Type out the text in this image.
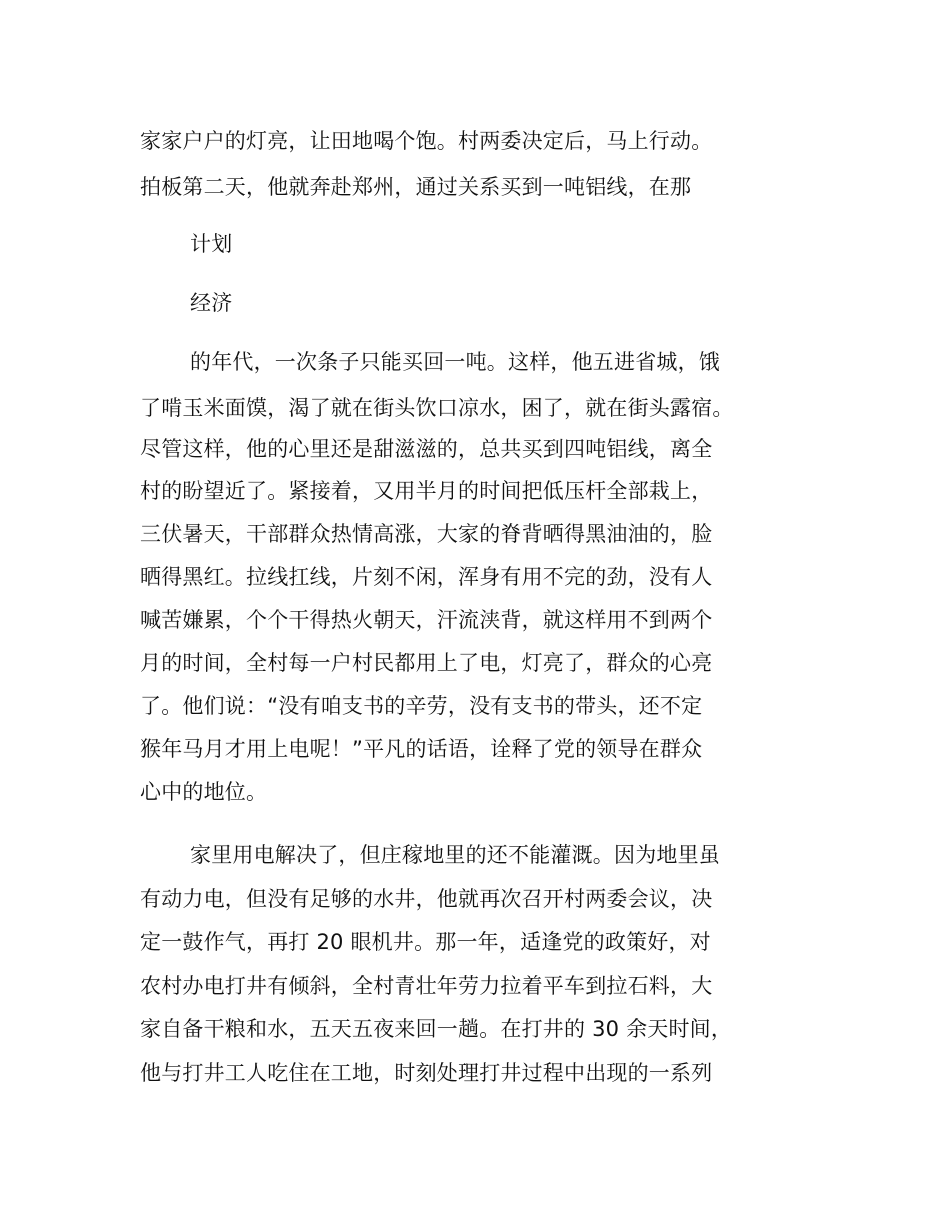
家家户户的灯亮，让田地喝个饱。村两委决定后，马上行动。
拍板第二天，他就奔赴郑州，通过关系买到一吨铝线，在那
计划
经济
的年代，一次条子只能买回一吨。这样，他五进省城，饿
了啃玉米面馍，渴了就在街头饮口凉水，困了，就在街头露宿。
尽管这样，他的心里还是甜滋滋的，总共买到四吨铝线，离全
村的盼望近了。紧接着，又用半月的时间把低压杆全部栽上，
三伏暑天，干部群众热情高涨，大家的脊背晒得黑油油的，脸
晒得黑红。拉线扛线，片刻不闲，浑身有用不完的劲，没有人
喊苦嫌累，个个干得热火朝天，汗流浃背，就这样用不到两个
月的时间，全村每一户村民都用上了电，灯亮了，群众的心亮
了。他们说：“没有咱支书的辛劳，没有支书的带头，还不定
猴年马月才用上电呢！”平凡的话语，诠释了党的领导在群众
心中的地位。
家里用电解决了，但庄稼地里的还不能灌溉。因为地里虽
有动力电，但没有足够的水井，他就再次召开村两委会议，决
定一鼓作气，再打 20 眼机井。那一年，适逢党的政策好，对
农村办电打井有倾斜，全村青壮年劳力拉着平车到拉石料，大
家自备干粮和水，五天五夜来回一趟。在打井的 30 余天时间，
他与打井工人吃住在工地，时刻处理打井过程中出现的一系列
